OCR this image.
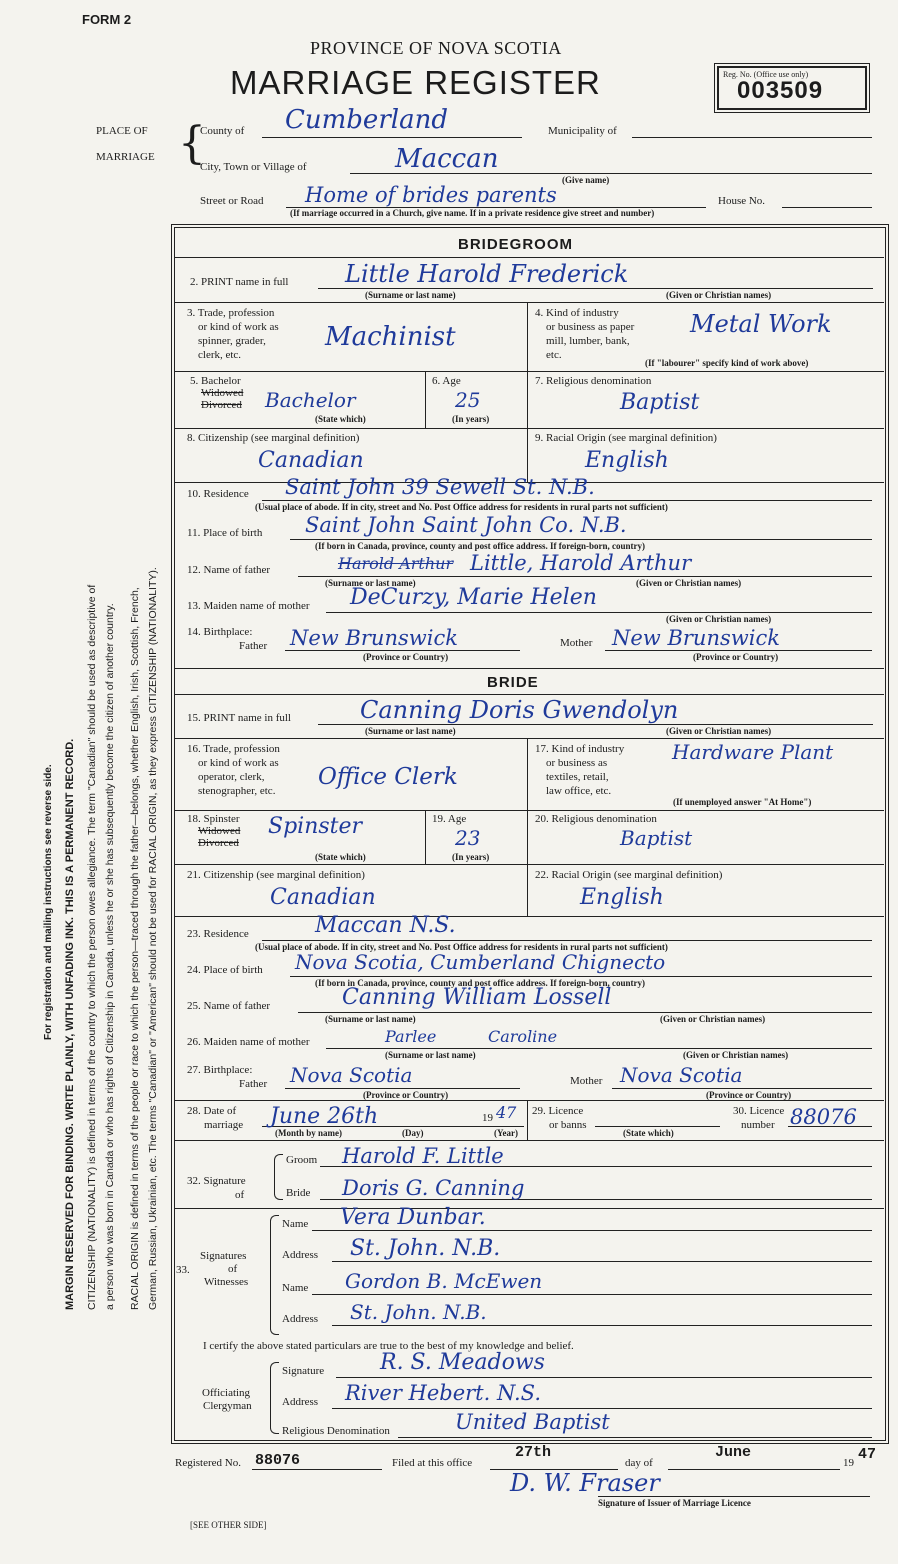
FORM 2
PROVINCE OF NOVA SCOTIA
MARRIAGE REGISTER	Reg. No. (Office use only)
003509
PLACE OF
MARRIAGE {
County of Cumberland	Municipality of
City, Town or Village of	Maccan
(Give name)
Street or Road Home of brides parents	House No.
(If marriage occurred in a Church, give name. If in a private residence give street and number)
For registration and mailing instructions see reverse side. MARGIN RESERVED FOR BINDING. WRITE PLAINLY, WITH UNFADING INK. THIS IS A PERMANENT RECORD. CITIZENSHIP (NATIONALITY) is defined in terms of the country to which the person owes allegiance. The term "Canadian" should be used as descriptive of a person who was born in Canada or who has rights of Citizenship in Canada, unless he or she has subsequently become the citizen of another country. RACIAL ORIGIN is defined in terms of the people or race to which the person—traced through the father—belongs, whether English, Irish, Scottish, French, German, Russian, Ukrainian, etc. The terms "Canadian" or "American" should not be used for RACIAL ORIGIN, as they express CITIZENSHIP (NATIONALITY).
BRIDEGROOM
2. PRINT name in full Little Harold Frederick
(Surname or last name)	(Given or Christian names)
3. Trade, profession
or kind of work as
spinner, grader,
clerk, etc.
Machinist
4. Kind of industry
or business as paper
mill, lumber, bank,
etc.
Metal Work
(If "labourer" specify kind of work above)
5. Bachelor
Widowed
Divorced Bachelor
(State which)
6. Age
25
(In years)
7. Religious denomination
Baptist
8. Citizenship (see marginal definition)
Canadian
9. Racial Origin (see marginal definition)
English
10. Residence Saint John 39 Sewell St. N.B.
(Usual place of abode. If in city, street and No. Post Office address for residents in rural parts not sufficient)
11. Place of birth Saint John Saint John Co. N.B.
(If born in Canada, province, county and post office address. If foreign-born, country)
12. Name of father	Harold Arthur Little, Harold Arthur
(Surname or last name)	(Given or Christian names)
13. Maiden name of mother DeCurzy, Marie Helen
(Given or Christian names)
14. Birthplace:
Father New Brunswick
(Province or Country)
Mother New Brunswick
(Province or Country)
BRIDE
15. PRINT name in full	Canning Doris Gwendolyn
(Surname or last name)	(Given or Christian names)
16. Trade, profession
or kind of work as
operator, clerk,
stenographer, etc.
Office Clerk
17. Kind of industry
or business as
textiles, retail,
law office, etc.
Hardware Plant
(If unemployed answer "At Home")
18. Spinster
Widowed
Divorced
Spinster
(State which)
19. Age
23
(In years)
20. Religious denomination
Baptist
21. Citizenship (see marginal definition)
Canadian
22. Racial Origin (see marginal definition)
English
23. Residence	Maccan N.S.
(Usual place of abode. If in city, street and No. Post Office address for residents in rural parts not sufficient)
24. Place of birth Nova Scotia, Cumberland Chignecto
(If born in Canada, province, county and post office address. If foreign-born, country)
25. Name of father	Canning William Lossell
(Surname or last name)	(Given or Christian names)
26. Maiden name of mother	Parlee	Caroline
(Surname or last name)	(Given or Christian names)
27. Birthplace:
Father Nova Scotia
(Province or Country)
Mother Nova Scotia
(Province or Country)
28. Date of
marriage June 26th	19 47
(Month by name)	(Day)	(Year)
29. Licence
or banns
(State which)
30. Licence
number 88076
32. Signature
of
Groom Harold F. Little
Bride Doris G. Canning
Signatures
of
Witnesses
33.
Name Vera Dunbar.
Address St. John. N.B.
Name Gordon B. McEwen
Address St. John. N.B.
I certify the above stated particulars are true to the best of my knowledge and belief.
Officiating
Clergyman
Signature	R. S. Meadows
Address River Hebert. N.S.
Religious Denomination	United Baptist
Registered No. 88076	Filed at this office
27th
day of
June
19 47
D. W. Fraser
Signature of Issuer of Marriage Licence
[SEE OTHER SIDE]
